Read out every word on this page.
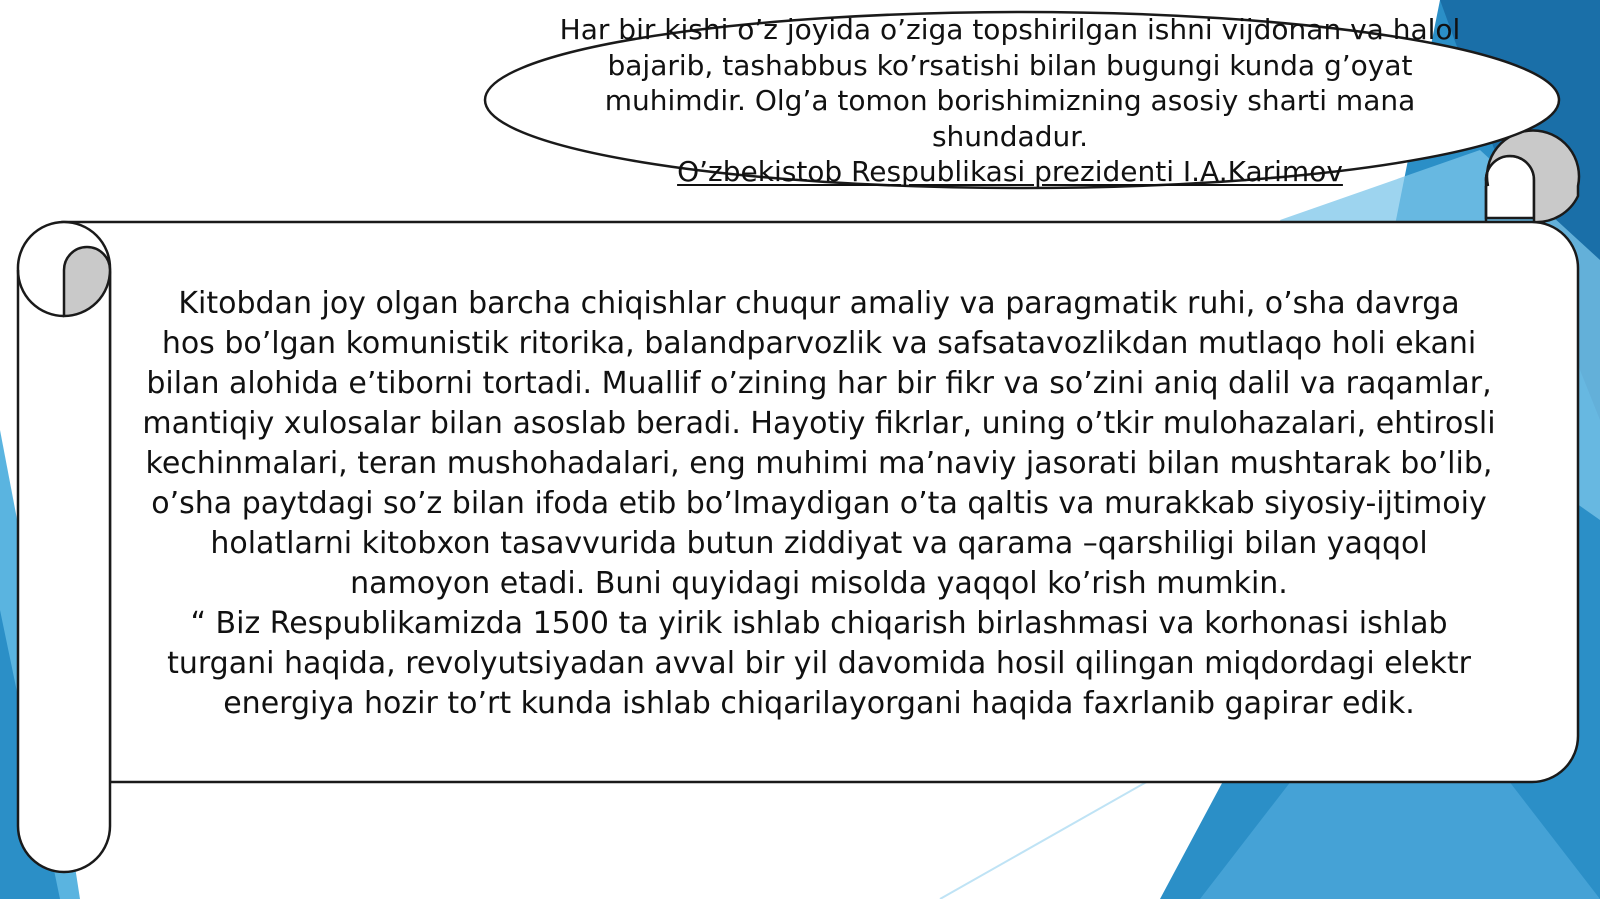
Har bir kishi o’z joyida o’ziga topshirilgan ishni vijdonan va halol
bajarib, tashabbus ko’rsatishi bilan bugungi kunda g’oyat
muhimdir. Olg’a tomon borishimizning asosiy sharti mana
shundadur.
O’zbekistob Respublikasi prezidenti I.A.Karimov

Kitobdan joy olgan barcha chiqishlar chuqur amaliy va paragmatik ruhi, o’sha davrga

hos bo’lgan komunistik ritorika, balandparvozlik va safsatavozlikdan mutlaqo holi ekani

bilan alohida e’tiborni tortadi. Muallif o’zining har bir fikr va so’zini aniq dalil va raqamlar,

mantiqiy xulosalar bilan asoslab beradi. Hayotiy fikrlar, uning o’tkir mulohazalari, ehtirosli

kechinmalari, teran mushohadalari, eng muhimi ma’naviy jasorati bilan mushtarak bo’lib,

o’sha paytdagi so’z bilan ifoda etib bo’lmaydigan o’ta qaltis va murakkab siyosiy-ijtimoiy

holatlarni kitobxon tasavvurida butun ziddiyat va qarama –qarshiligi bilan yaqqol

namoyon etadi. Buni quyidagi misolda yaqqol ko’rish mumkin.

“ Biz Respublikamizda 1500 ta yirik ishlab chiqarish birlashmasi va korhonasi ishlab

turgani haqida, revolyutsiyadan avval bir yil davomida hosil qilingan miqdordagi elektr

energiya hozir to’rt kunda ishlab chiqarilayorgani haqida faxrlanib gapirar edik.
